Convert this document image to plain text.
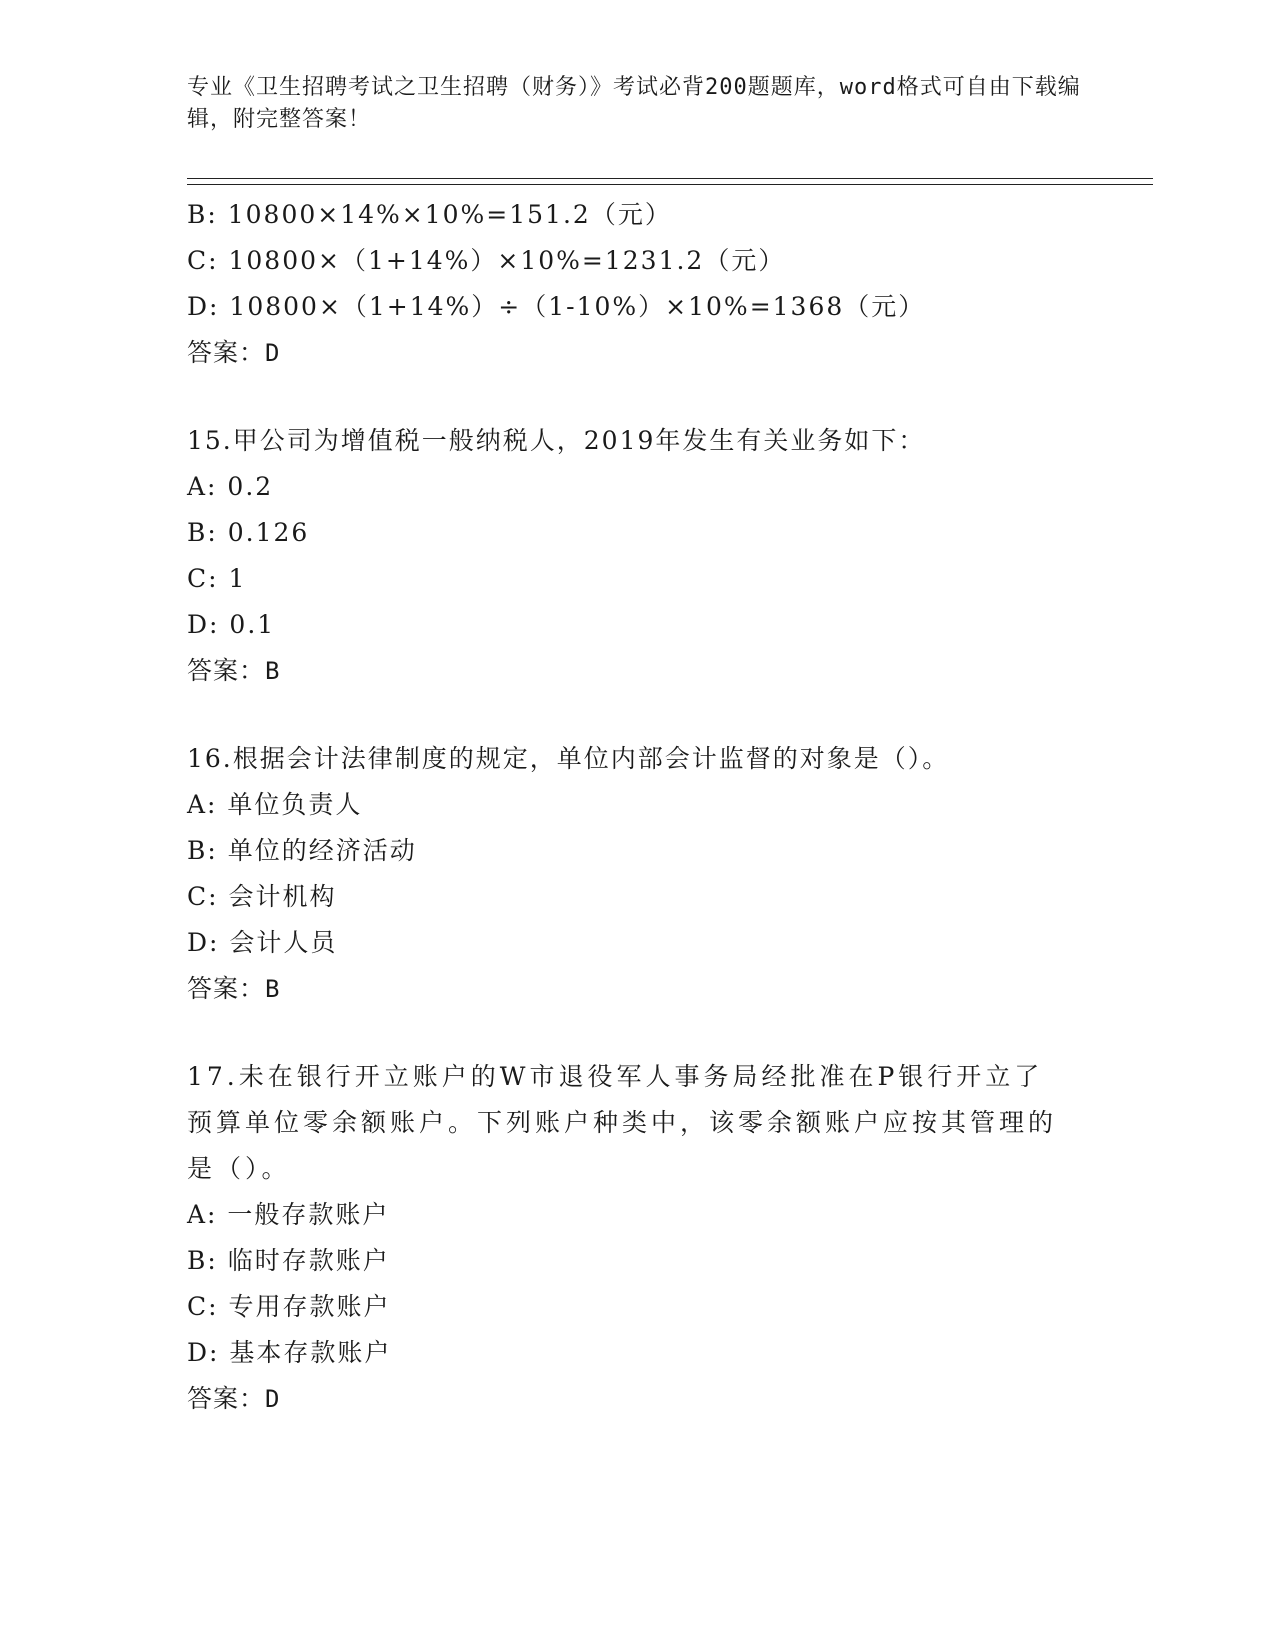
专业《卫生招聘考试之卫生招聘（财务）》考试必背200题题库，word格式可自由下载编辑，附完整答案！
B: 10800×14%×10%=151.2（元）
C: 10800×（1+14%）×10%=1231.2（元）
D: 10800×（1+14%）÷（1-10%）×10%=1368（元）
答案：D
15.甲公司为增值税一般纳税人，2019年发生有关业务如下：
A: 0.2
B: 0.126
C: 1
D: 0.1
答案：B
16.根据会计法律制度的规定，单位内部会计监督的对象是（）。
A: 单位负责人
B: 单位的经济活动
C: 会计机构
D: 会计人员
答案：B
17.未在银行开立账户的W市退役军人事务局经批准在P银行开立了预算单位零余额账户。下列账户种类中，该零余额账户应按其管理的是（）。
A: 一般存款账户
B: 临时存款账户
C: 专用存款账户
D: 基本存款账户
答案：D
